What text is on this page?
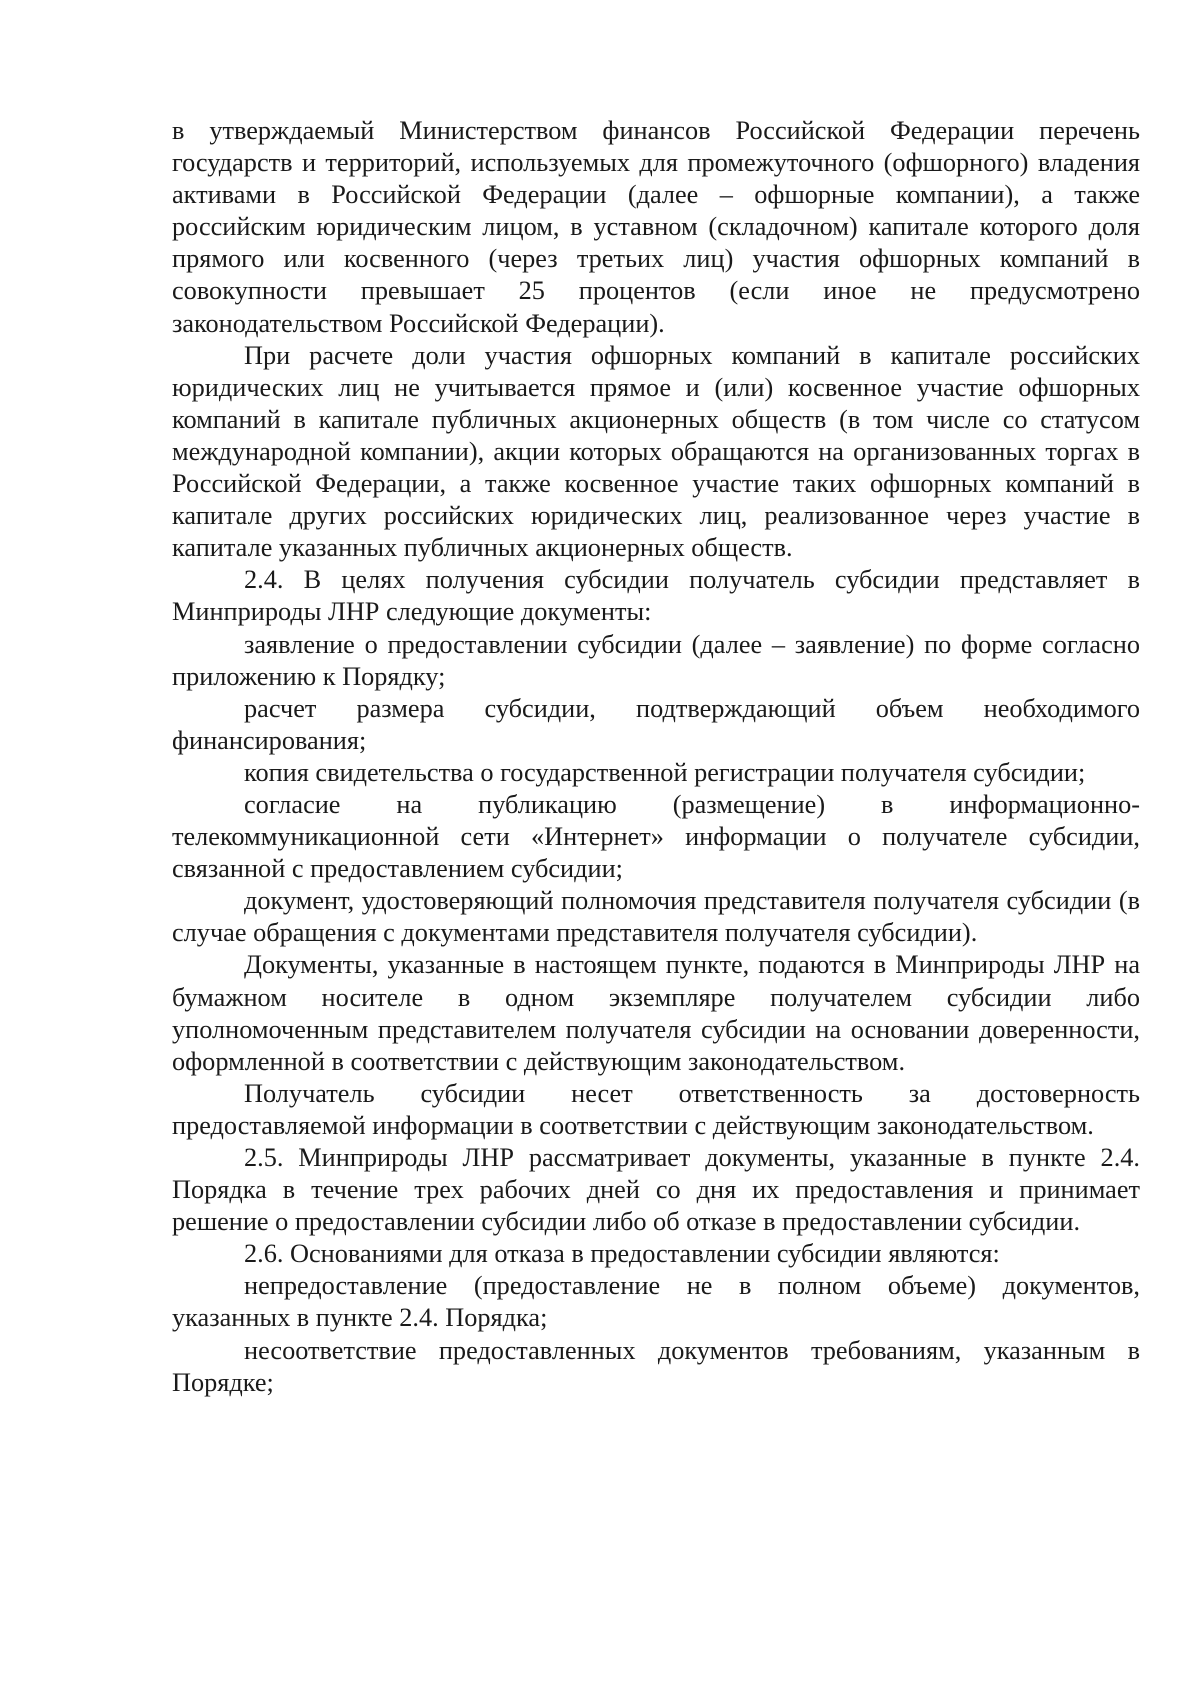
в утверждаемый Министерством финансов Российской Федерации перечень государств и территорий, используемых для промежуточного (офшорного) владения активами в Российской Федерации (далее – офшорные компании), а также российским юридическим лицом, в уставном (складочном) капитале которого доля прямого или косвенного (через третьих лиц) участия офшорных компаний в совокупности превышает 25 процентов (если иное не предусмотрено законодательством Российской Федерации).

При расчете доли участия офшорных компаний в капитале российских юридических лиц не учитывается прямое и (или) косвенное участие офшорных компаний в капитале публичных акционерных обществ (в том числе со статусом международной компании), акции которых обращаются на организованных торгах в Российской Федерации, а также косвенное участие таких офшорных компаний в капитале других российских юридических лиц, реализованное через участие в капитале указанных публичных акционерных обществ.

2.4. В целях получения субсидии получатель субсидии представляет в Минприроды ЛНР следующие документы:

заявление о предоставлении субсидии (далее – заявление) по форме согласно приложению к Порядку;

расчет размера субсидии, подтверждающий объем необходимого финансирования;

копия свидетельства о государственной регистрации получателя субсидии;

согласие на публикацию (размещение) в информационно-телекоммуникационной сети «Интернет» информации о получателе субсидии, связанной с предоставлением субсидии;

документ, удостоверяющий полномочия представителя получателя субсидии (в случае обращения с документами представителя получателя субсидии).

Документы, указанные в настоящем пункте, подаются в Минприроды ЛНР на бумажном носителе в одном экземпляре получателем субсидии либо уполномоченным представителем получателя субсидии на основании доверенности, оформленной в соответствии с действующим законодательством.

Получатель субсидии несет ответственность за достоверность предоставляемой информации в соответствии с действующим законодательством.

2.5. Минприроды ЛНР рассматривает документы, указанные в пункте 2.4. Порядка в течение трех рабочих дней со дня их предоставления и принимает решение о предоставлении субсидии либо об отказе в предоставлении субсидии.

2.6. Основаниями для отказа в предоставлении субсидии являются:

непредоставление (предоставление не в полном объеме) документов, указанных в пункте 2.4. Порядка;

несоответствие предоставленных документов требованиям, указанным в Порядке;
